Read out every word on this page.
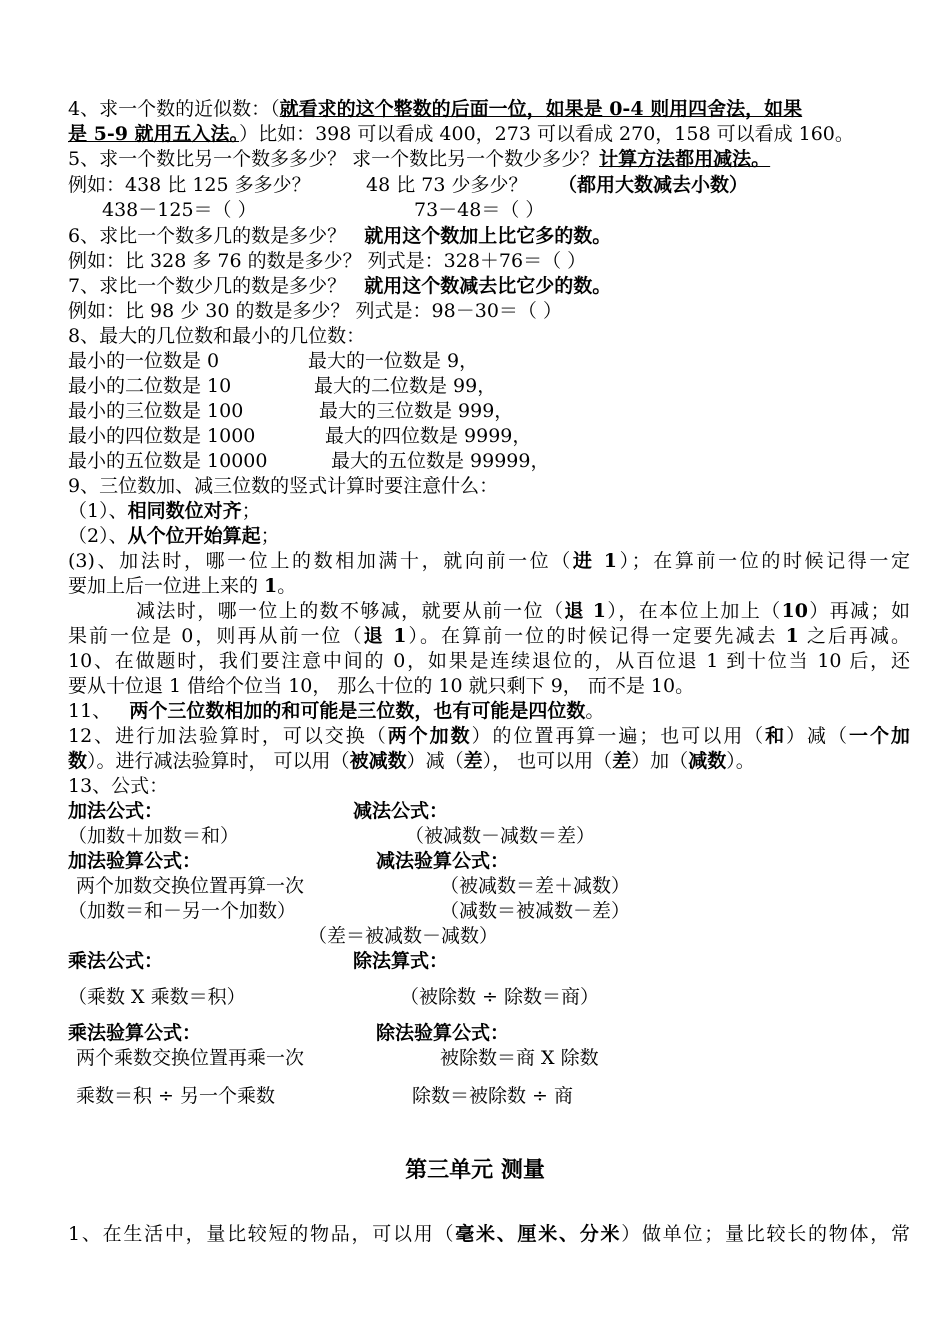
4、求一个数的近似数：（就看求的这个整数的后面一位，如果是 0-4 则用四舍法，如果
是 5-9 就用五入法。）比如：398 可以看成 400，273 可以看成 270，158 可以看成 160。
5、求一个数比另一个数多多少？ 求一个数比另一个数少多少？计算方法都用减法。
例如：438 比 125 多多少？	48 比 73 少多少？ （都用大数减去小数）
438－125＝（ ）	73－48＝（ ）
6、求比一个数多几的数是多少？ 就用这个数加上比它多的数。
例如：比 328 多 76 的数是多少？ 列式是：328＋76＝（ ）
7、求比一个数少几的数是多少？ 就用这个数减去比它少的数。
例如：比 98 少 30 的数是多少？ 列式是：98－30＝（ ）
8、最大的几位数和最小的几位数：
最小的一位数是 0	最大的一位数是 9，
最小的二位数是 10	最大的二位数是 99，
最小的三位数是 100	最大的三位数是 999，
最小的四位数是 1000	最大的四位数是 9999，
最小的五位数是 10000	最大的五位数是 99999，
9、三位数加、减三位数的竖式计算时要注意什么：
（1）、相同数位对齐；
（2）、从个位开始算起；
(3)、加法时，哪一位上的数相加满十，就向前一位（进 1）；在算前一位的时候记得一定
要加上后一位进上来的 1。
减法时，哪一位上的数不够减，就要从前一位（退 1），在本位上加上（10）再减；如
果前一位是 0，则再从前一位（退 1）。在算前一位的时候记得一定要先减去 1 之后再减。
10、在做题时，我们要注意中间的 0，如果是连续退位的，从百位退 1 到十位当 10 后，还
要从十位退 1 借给个位当 10， 那么十位的 10 就只剩下 9， 而不是 10。
11、 两个三位数相加的和可能是三位数，也有可能是四位数。
12、进行加法验算时，可以交换（两个加数）的位置再算一遍；也可以用（和）减（一个加
数）。进行减法验算时， 可以用（被减数）减（差）， 也可以用（差）加（减数）。
13、公式：
加法公式：	减法公式：
（加数＋加数＝和）	（被减数－减数＝差）
加法验算公式：	减法验算公式：
两个加数交换位置再算一次	（被减数＝差＋减数）
（加数＝和－另一个加数）	（减数＝被减数－差）
（差＝被减数－减数）
乘法公式：	除法算式：
（乘数 X 乘数＝积）	（被除数 ÷ 除数＝商）
乘法验算公式：	除法验算公式：
两个乘数交换位置再乘一次	被除数＝商 X 除数
乘数＝积 ÷ 另一个乘数	除数＝被除数 ÷ 商
第三单元 测量
1、在生活中，量比较短的物品，可以用（毫米、厘米、分米）做单位；量比较长的物体，常
